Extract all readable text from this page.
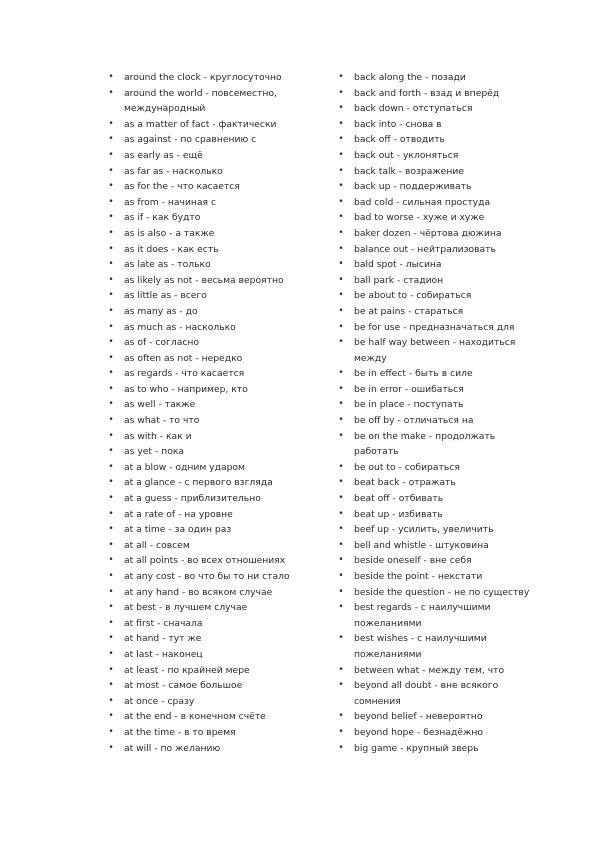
• around the clock - круглосуточно
• around the world - повсеместно, международный
• as a matter of fact - фактически
• as against - по сравнению с
• as early as - ещё
• as far as - насколько
• as for the - что касается
• as from - начиная с
• as if - как будто
• as is also - а также
• as it does - как есть
• as late as - только
• as likely as not - весьма вероятно
• as little as - всего
• as many as - до
• as much as - насколько
• as of - согласно
• as often as not - нередко
• as regards - что касается
• as to who - например, кто
• as well - также
• as what - то что
• as with - как и
• as yet - пока
• at a blow - одним ударом
• at a glance - с первого взгляда
• at a guess - приблизительно
• at a rate of - на уровне
• at a time - за один раз
• at all - совсем
• at all points - во всех отношениях
• at any cost - во что бы то ни стало
• at any hand - во всяком случае
• at best - в лучшем случае
• at first - сначала
• at hand - тут же
• at last - наконец
• at least - по крайней мере
• at most - самое большое
• at once - сразу
• at the end - в конечном счёте
• at the time - в то время
• at will - по желанию
• back along the - позади
• back and forth - взад и вперёд
• back down - отступаться
• back into - снова в
• back off - отводить
• back out - уклоняться
• back talk - возражение
• back up - поддерживать
• bad cold - сильная простуда
• bad to worse - хуже и хуже
• baker dozen - чёртова дюжина
• balance out - нейтрализовать
• bald spot - лысина
• ball park - стадион
• be about to - собираться
• be at pains - стараться
• be for use - предназначаться для
• be half way between - находиться между
• be in effect - быть в силе
• be in error - ошибаться
• be in place - поступать
• be off by - отличаться на
• be on the make - продолжать работать
• be out to - собираться
• beat back - отражать
• beat off - отбивать
• beat up - избивать
• beef up - усилить, увеличить
• bell and whistle - штуковина
• beside oneself - вне себя
• beside the point - некстати
• beside the question - не по существу
• best regards - с наилучшими пожеланиями
• best wishes - с наилучшими пожеланиями
• between what - между тем, что
• beyond all doubt - вне всякого сомнения
• beyond belief - невероятно
• beyond hope - безнадёжно
• big game - крупный зверь
